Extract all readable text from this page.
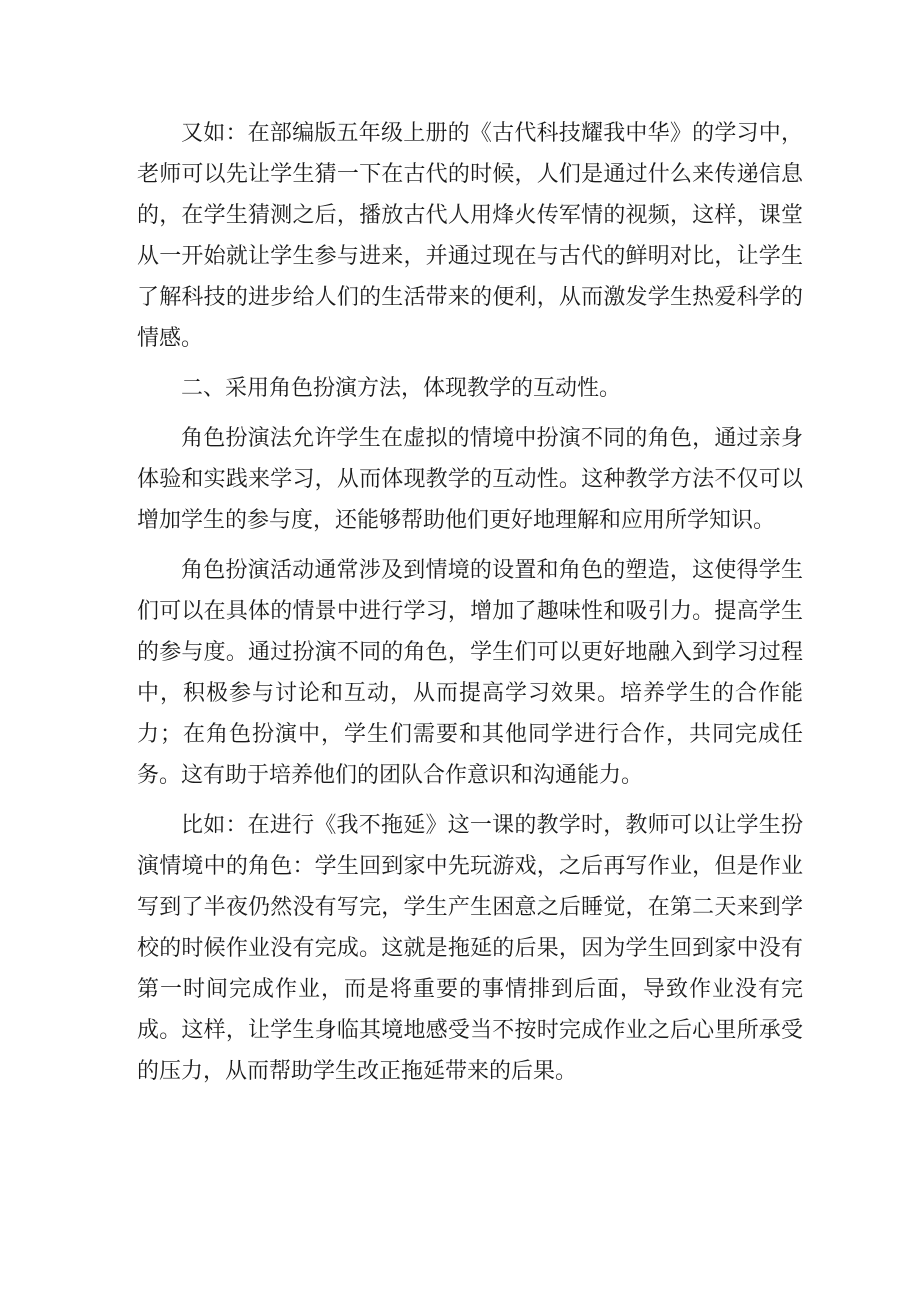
又如：在部编版五年级上册的《古代科技耀我中华》的学习中，老师可以先让学生猜一下在古代的时候，人们是通过什么来传递信息的，在学生猜测之后，播放古代人用烽火传军情的视频，这样，课堂从一开始就让学生参与进来，并通过现在与古代的鲜明对比，让学生了解科技的进步给人们的生活带来的便利，从而激发学生热爱科学的情感。

二、采用角色扮演方法，体现教学的互动性。

角色扮演法允许学生在虚拟的情境中扮演不同的角色，通过亲身体验和实践来学习，从而体现教学的互动性。这种教学方法不仅可以增加学生的参与度，还能够帮助他们更好地理解和应用所学知识。

角色扮演活动通常涉及到情境的设置和角色的塑造，这使得学生们可以在具体的情景中进行学习，增加了趣味性和吸引力。提高学生的参与度。通过扮演不同的角色，学生们可以更好地融入到学习过程中，积极参与讨论和互动，从而提高学习效果。培养学生的合作能力；在角色扮演中，学生们需要和其他同学进行合作，共同完成任务。这有助于培养他们的团队合作意识和沟通能力。

比如：在进行《我不拖延》这一课的教学时，教师可以让学生扮演情境中的角色：学生回到家中先玩游戏，之后再写作业，但是作业写到了半夜仍然没有写完，学生产生困意之后睡觉，在第二天来到学校的时候作业没有完成。这就是拖延的后果，因为学生回到家中没有第一时间完成作业，而是将重要的事情排到后面，导致作业没有完成。这样，让学生身临其境地感受当不按时完成作业之后心里所承受的压力，从而帮助学生改正拖延带来的后果。
